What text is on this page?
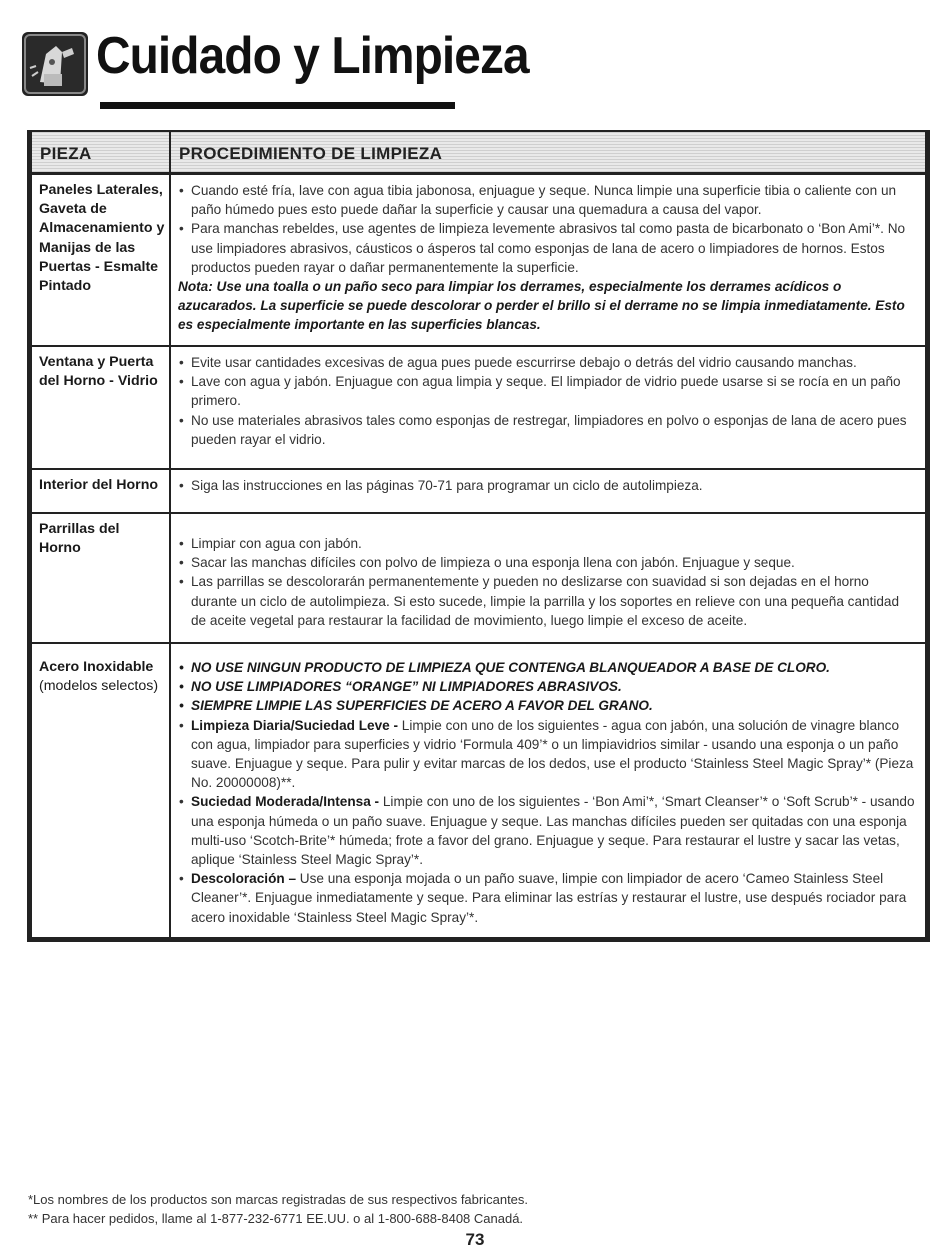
Cuidado y Limpieza
PIEZA	PROCEDIMIENTO DE LIMPIEZA
Paneles Laterales, Gaveta de Almacenamiento y Manijas de las Puertas - Esmalte Pintado
• Cuando esté fría, lave con agua tibia jabonosa, enjuague y seque. Nunca limpie una superficie tibia o caliente con un paño húmedo pues esto puede dañar la superficie y causar una quemadura a causa del vapor.
• Para manchas rebeldes, use agentes de limpieza levemente abrasivos tal como pasta de bicarbonato o ‘Bon Ami’*. No use limpiadores abrasivos, cáusticos o ásperos tal como esponjas de lana de acero o limpiadores de hornos. Estos productos pueden rayar o dañar permanentemente la superficie.
Nota: Use una toalla o un paño seco para limpiar los derrames, especialmente los derrames acídicos o azucarados. La superficie se puede descolorar o perder el brillo si el derrame no se limpia inmediatamente. Esto es especialmente importante en las superficies blancas.
Ventana y Puerta del Horno - Vidrio
• Evite usar cantidades excesivas de agua pues puede escurrirse debajo o detrás del vidrio causando manchas.
• Lave con agua y jabón. Enjuague con agua limpia y seque. El limpiador de vidrio puede usarse si se rocía en un paño primero.
• No use materiales abrasivos tales como esponjas de restregar, limpiadores en polvo o esponjas de lana de acero pues pueden rayar el vidrio.
Interior del Horno	• Siga las instrucciones en las páginas 70-71 para programar un ciclo de autolimpieza.
Parrillas del Horno	• Limpiar con agua con jabón.
• Sacar las manchas difíciles con polvo de limpieza o una esponja llena con jabón. Enjuague y seque.
• Las parrillas se descolorarán permanentemente y pueden no deslizarse con suavidad si son dejadas en el horno durante un ciclo de autolimpieza. Si esto sucede, limpie la parrilla y los soportes en relieve con una pequeña cantidad de aceite vegetal para restaurar la facilidad de movimiento, luego limpie el exceso de aceite.
Acero Inoxidable
(modelos selectos)
• NO USE NINGUN PRODUCTO DE LIMPIEZA QUE CONTENGA BLANQUEADOR A BASE DE CLORO.
• NO USE LIMPIADORES “ORANGE” NI LIMPIADORES ABRASIVOS.
• SIEMPRE LIMPIE LAS SUPERFICIES DE ACERO A FAVOR DEL GRANO.
• Limpieza Diaria/Suciedad Leve - Limpie con uno de los siguientes - agua con jabón, una solución de vinagre blanco con agua, limpiador para superficies y vidrio ‘Formula 409’* o un limpiavidrios similar - usando una esponja o un paño suave. Enjuague y seque. Para pulir y evitar marcas de los dedos, use el producto ‘Stainless Steel Magic Spray’* (Pieza No. 20000008)**.
• Suciedad Moderada/Intensa - Limpie con uno de los siguientes - ‘Bon Ami’*, ‘Smart Cleanser’* o ‘Soft Scrub’* - usando una esponja húmeda o un paño suave. Enjuague y seque. Las manchas difíciles pueden ser quitadas con una esponja multi-uso ‘Scotch-Brite’* húmeda; frote a favor del grano. Enjuague y seque. Para restaurar el lustre y sacar las vetas, aplique ‘Stainless Steel Magic Spray’*.
• Descoloración – Use una esponja mojada o un paño suave, limpie con limpiador de acero ‘Cameo Stainless Steel Cleaner’*. Enjuague inmediatamente y seque. Para eliminar las estrías y restaurar el lustre, use después rociador para acero inoxidable ‘Stainless Steel Magic Spray’*.
*Los nombres de los productos son marcas registradas de sus respectivos fabricantes.
** Para hacer pedidos, llame al 1-877-232-6771 EE.UU. o al 1-800-688-8408 Canadá.
73
